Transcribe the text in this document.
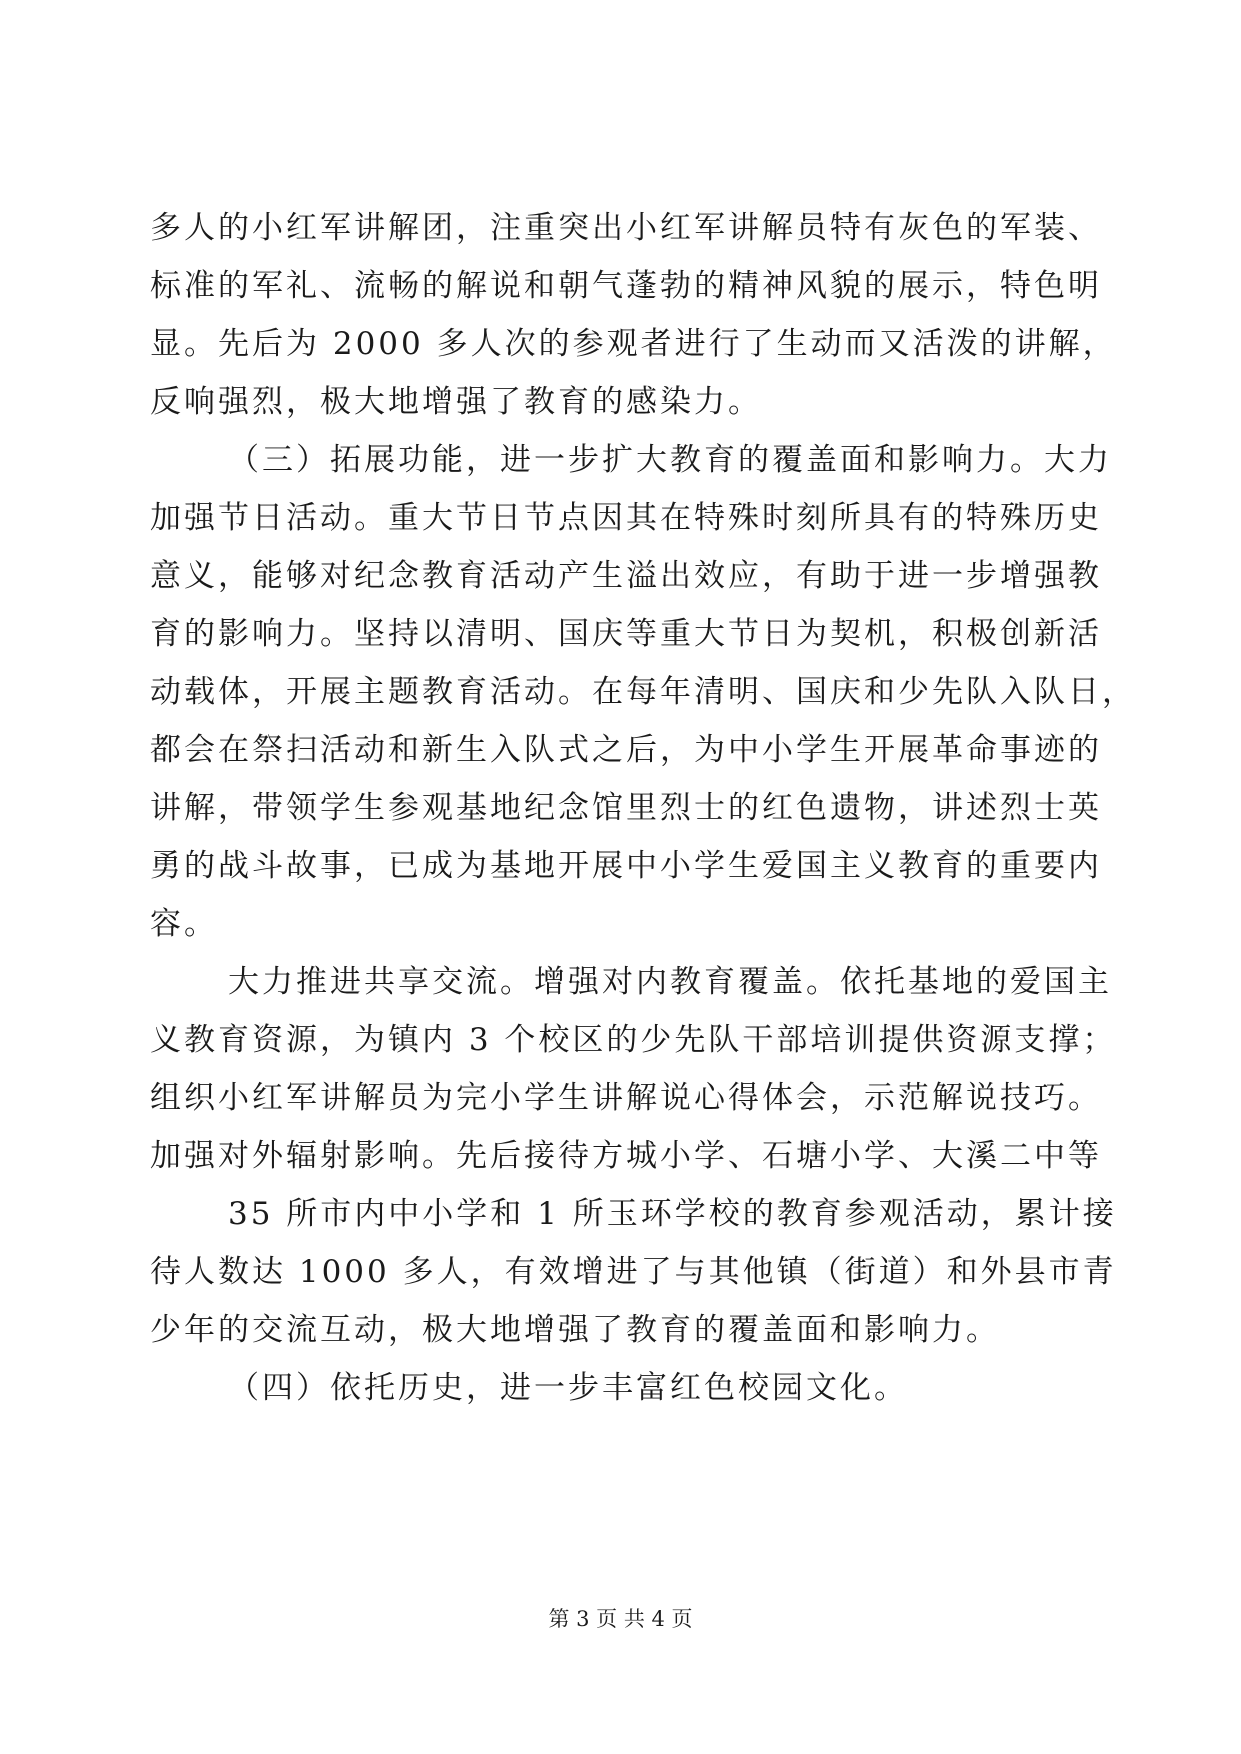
多人的小红军讲解团，注重突出小红军讲解员特有灰色的军装、
标准的军礼、流畅的解说和朝气蓬勃的精神风貌的展示，特色明
显。先后为 2000 多人次的参观者进行了生动而又活泼的讲解，
反响强烈，极大地增强了教育的感染力。
（三）拓展功能，进一步扩大教育的覆盖面和影响力。大力
加强节日活动。重大节日节点因其在特殊时刻所具有的特殊历史
意义，能够对纪念教育活动产生溢出效应，有助于进一步增强教
育的影响力。坚持以清明、国庆等重大节日为契机，积极创新活
动载体，开展主题教育活动。在每年清明、国庆和少先队入队日，
都会在祭扫活动和新生入队式之后，为中小学生开展革命事迹的
讲解，带领学生参观基地纪念馆里烈士的红色遗物，讲述烈士英
勇的战斗故事，已成为基地开展中小学生爱国主义教育的重要内
容。
大力推进共享交流。增强对内教育覆盖。依托基地的爱国主
义教育资源，为镇内 3 个校区的少先队干部培训提供资源支撑；
组织小红军讲解员为完小学生讲解说心得体会，示范解说技巧。
加强对外辐射影响。先后接待方城小学、石塘小学、大溪二中等
35 所市内中小学和 1 所玉环学校的教育参观活动，累计接
待人数达 1000 多人，有效增进了与其他镇（街道）和外县市青
少年的交流互动，极大地增强了教育的覆盖面和影响力。
（四）依托历史，进一步丰富红色校园文化。
第 3 页 共 4 页
